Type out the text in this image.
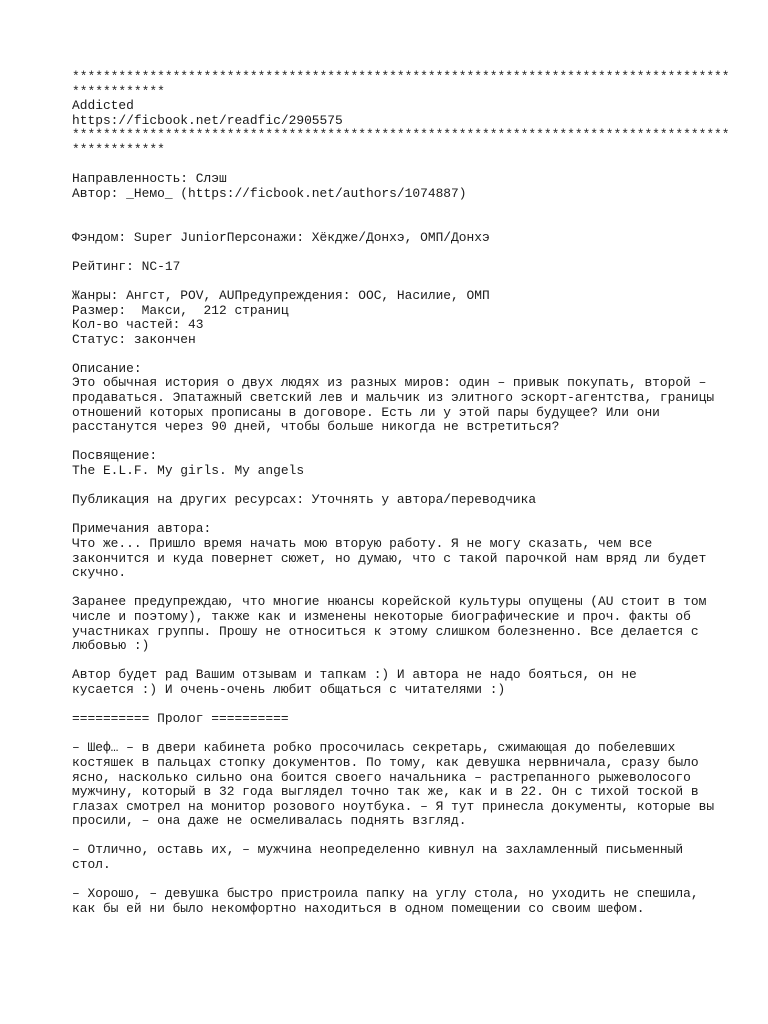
*************************************************************************************
************
Addicted
https://ficbook.net/readfic/2905575
*************************************************************************************
************
Направленность: Слэш
Автор: _Немо_ (https://ficbook.net/authors/1074887)
Фэндом: Super JuniorПерсонажи: Хёкдже/Донхэ, ОМП/Донхэ
Рейтинг: NC-17
Жанры: Ангст, POV, AUПредупреждения: OOC, Насилие, ОМП
Размер:  Макси,  212 страниц
Кол-во частей: 43
Статус: закончен
Описание:
Это обычная история о двух людях из разных миров: один – привык покупать, второй –
продаваться. Эпатажный светский лев и мальчик из элитного эскорт-агентства, границы
отношений которых прописаны в договоре. Есть ли у этой пары будущее? Или они
расстанутся через 90 дней, чтобы больше никогда не встретиться?
Посвящение:
The E.L.F. My girls. My angels
Публикация на других ресурсах: Уточнять у автора/переводчика
Примечания автора:
Что же... Пришло время начать мою вторую работу. Я не могу сказать, чем все
закончится и куда повернет сюжет, но думаю, что с такой парочкой нам вряд ли будет
скучно.
Заранее предупреждаю, что многие нюансы корейской культуры опущены (AU стоит в том
числе и поэтому), также как и изменены некоторые биографические и проч. факты об
участниках группы. Прошу не относиться к этому слишком болезненно. Все делается с
любовью :)
Автор будет рад Вашим отзывам и тапкам :) И автора не надо бояться, он не
кусается :) И очень-очень любит общаться с читателями :)
========== Пролог ==========
– Шеф… – в двери кабинета робко просочилась секретарь, сжимающая до побелевших
костяшек в пальцах стопку документов. По тому, как девушка нервничала, сразу было
ясно, насколько сильно она боится своего начальника – растрепанного рыжеволосого
мужчину, который в 32 года выглядел точно так же, как и в 22. Он с тихой тоской в
глазах смотрел на монитор розового ноутбука. – Я тут принесла документы, которые вы
просили, – она даже не осмеливалась поднять взгляд.
– Отлично, оставь их, – мужчина неопределенно кивнул на захламленный письменный
стол.
– Хорошо, – девушка быстро пристроила папку на углу стола, но уходить не спешила,
как бы ей ни было некомфортно находиться в одном помещении со своим шефом.
